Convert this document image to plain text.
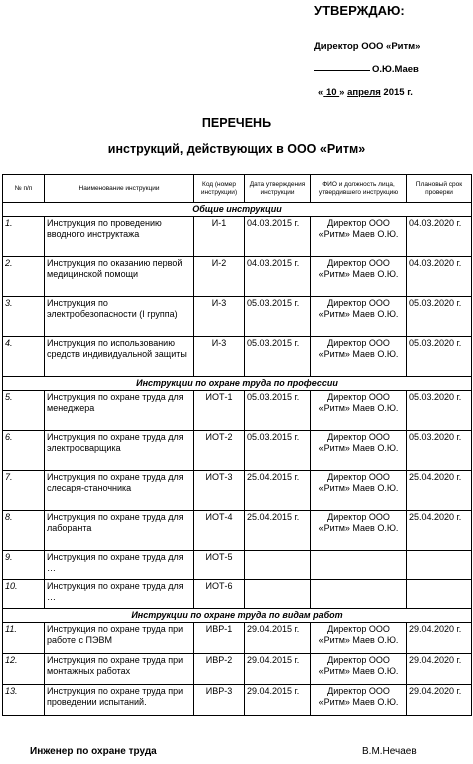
УТВЕРЖДАЮ:
Директор ООО «Ритм»
О.Ю.Маев
« 10 » апреля 2015 г.
ПЕРЕЧЕНЬ
инструкций, действующих в ООО «Ритм»
№ п/п	Наименование инструкции	Код (номер инструкции)	Дата утверждения инструкции	ФИО и должность лица, утвердившего инструкцию	Плановый срок проверки
Общие инструкции					
1.	Инструкция по проведению вводного инструктажа	И-1	04.03.2015 г.	Директор ООО «Ритм» Маев О.Ю.	04.03.2020 г.
2.	Инструкция по оказанию первой медицинской помощи	И-2	04.03.2015 г.	Директор ООО «Ритм» Маев О.Ю.	04.03.2020 г.
3.	Инструкция по электробезопасности (I группа)	И-3	05.03.2015 г.	Директор ООО «Ритм» Маев О.Ю.	05.03.2020 г.
4.	Инструкция по использованию средств индивидуальной защиты	И-3	05.03.2015 г.	Директор ООО «Ритм» Маев О.Ю.	05.03.2020 г.
Инструкции по охране труда по профессии					
5.	Инструкция по охране труда для менеджера	ИОТ-1	05.03.2015 г.	Директор ООО «Ритм» Маев О.Ю.	05.03.2020 г.
6.	Инструкция по охране труда для электросварщика	ИОТ-2	05.03.2015 г.	Директор ООО «Ритм» Маев О.Ю.	05.03.2020 г.
7.	Инструкция по охране труда для слесаря-станочника	ИОТ-3	25.04.2015 г.	Директор ООО «Ритм» Маев О.Ю.	25.04.2020 г.
8.	Инструкция по охране труда для лаборанта	ИОТ-4	25.04.2015 г.	Директор ООО «Ритм» Маев О.Ю.	25.04.2020 г.
9.	Инструкция по охране труда для …	ИОТ-5			
10.	Инструкция по охране труда для …	ИОТ-6			
Инструкции по охране труда по видам работ					
11.	Инструкция по охране труда при работе с ПЭВМ	ИВР-1	29.04.2015 г.	Директор ООО «Ритм» Маев О.Ю.	29.04.2020 г.
12.	Инструкция по охране труда при монтажных работах	ИВР-2	29.04.2015 г.	Директор ООО «Ритм» Маев О.Ю.	29.04.2020 г.
13.	Инструкция по охране труда при проведении испытаний.	ИВР-3	29.04.2015 г.	Директор ООО «Ритм» Маев О.Ю.	29.04.2020 г.
Инженер по охране труда	В.М.Нечаев
